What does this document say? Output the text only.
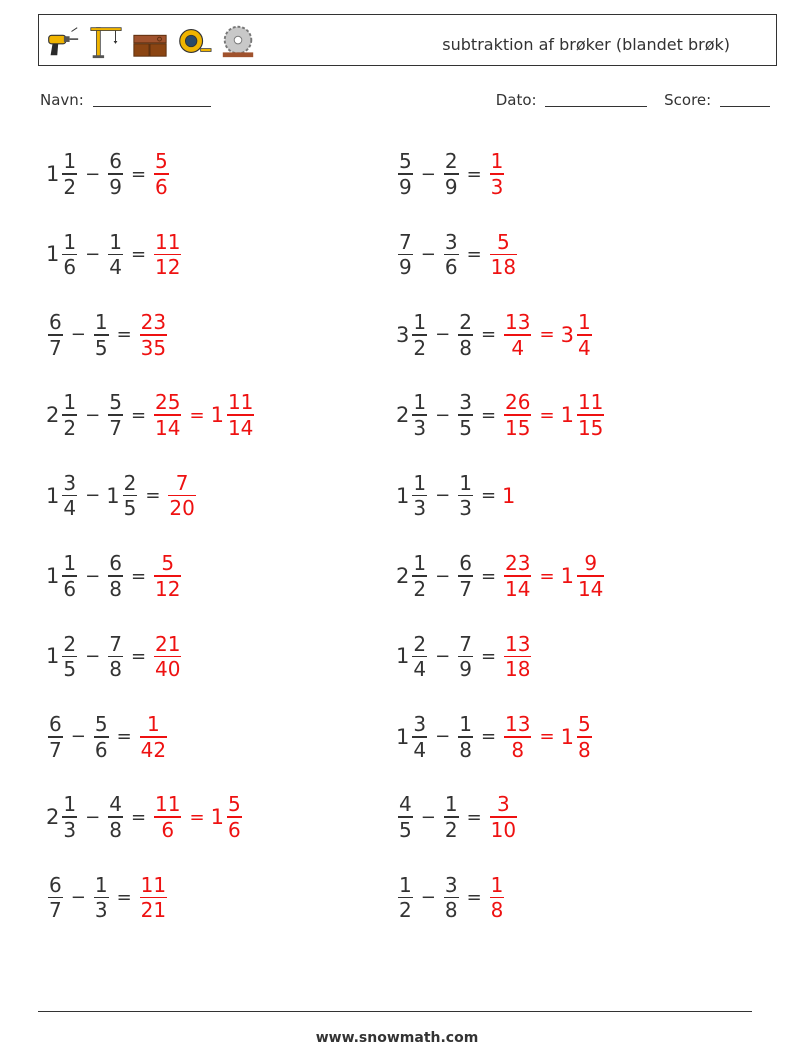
subtraktion af brøker (blandet brøk)
Navn:	Dato:	Score:
$1 \frac{1}{2} - \frac{6}{9} = \frac{5}{6}$	$\frac{5}{9} - \frac{2}{9} = \frac{1}{3}$
$1 \frac{1}{6} - \frac{1}{4} = \frac{11}{12}$	$\frac{7}{9} - \frac{3}{6} = \frac{5}{18}$
$\frac{6}{7} - \frac{1}{5} = \frac{23}{35}$	$3 \frac{1}{2} - \frac{2}{8} = \frac{13}{4} = 3 \frac{1}{4}$
$2 \frac{1}{2} - \frac{5}{7} = \frac{25}{14} = 1 \frac{11}{14}$	$2 \frac{1}{3} - \frac{3}{5} = \frac{26}{15} = 1 \frac{11}{15}$
$1 \frac{3}{4} - 1 \frac{2}{5} = \frac{7}{20}$	$1 \frac{1}{3} - \frac{1}{3} = 1$
$1 \frac{1}{6} - \frac{6}{8} = \frac{5}{12}$	$2 \frac{1}{2} - \frac{6}{7} = \frac{23}{14} = 1 \frac{9}{14}$
$1 \frac{2}{5} - \frac{7}{8} = \frac{21}{40}$	$1 \frac{2}{4} - \frac{7}{9} = \frac{13}{18}$
$\frac{6}{7} - \frac{5}{6} = \frac{1}{42}$	$1 \frac{3}{4} - \frac{1}{8} = \frac{13}{8} = 1 \frac{5}{8}$
$2 \frac{1}{3} - \frac{4}{8} = \frac{11}{6} = 1 \frac{5}{6}$	$\frac{4}{5} - \frac{1}{2} = \frac{3}{10}$
$\frac{6}{7} - \frac{1}{3} = \frac{11}{21}$	$\frac{1}{2} - \frac{3}{8} = \frac{1}{8}$
www.snowmath.com
